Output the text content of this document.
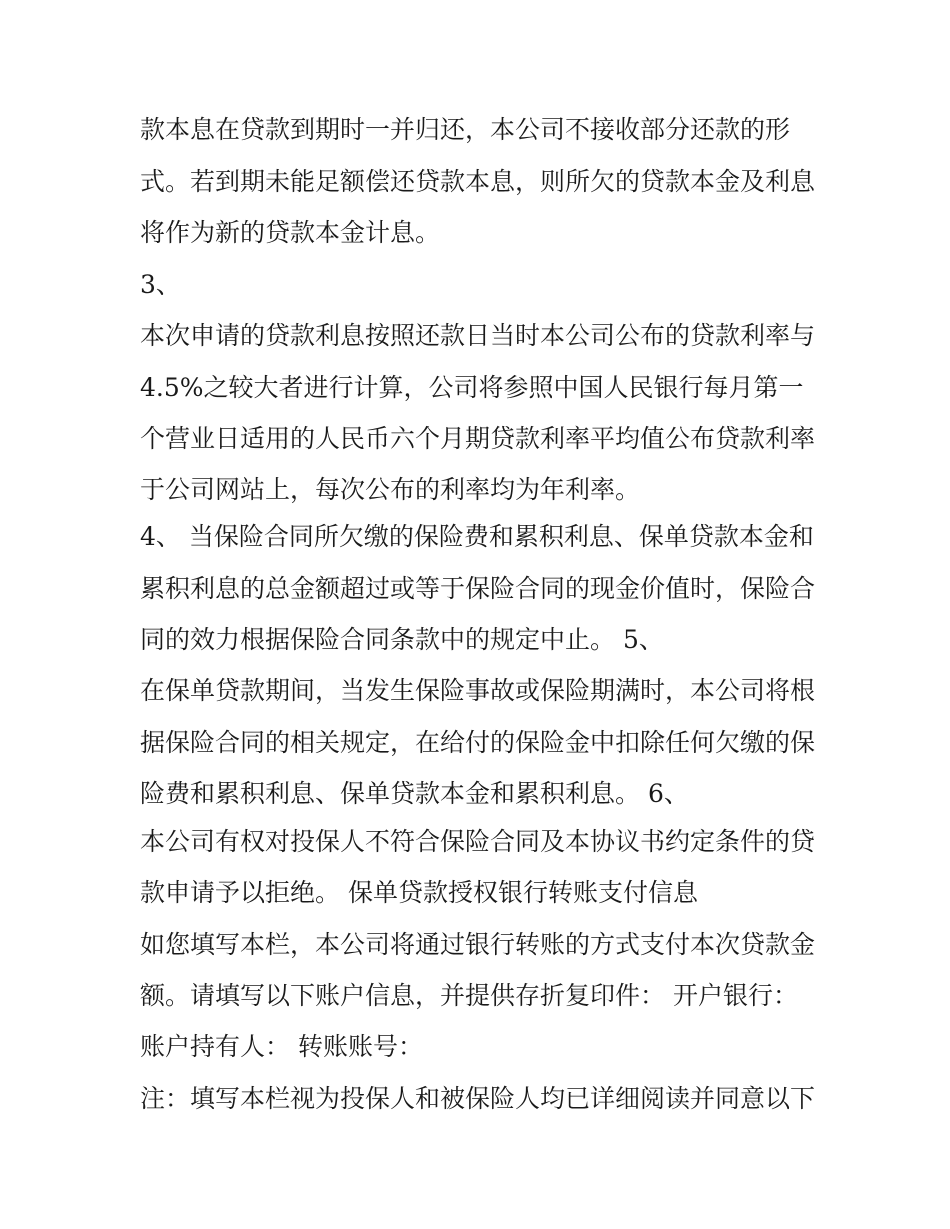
款本息在贷款到期时一并归还，本公司不接收部分还款的形
式。若到期未能足额偿还贷款本息，则所欠的贷款本金及利息
将作为新的贷款本金计息。
3、
本次申请的贷款利息按照还款日当时本公司公布的贷款利率与
4.5%之较大者进行计算，公司将参照中国人民银行每月第一
个营业日适用的人民币六个月期贷款利率平均值公布贷款利率
于公司网站上，每次公布的利率均为年利率。
4、 当保险合同所欠缴的保险费和累积利息、保单贷款本金和
累积利息的总金额超过或等于保险合同的现金价值时，保险合
同的效力根据保险合同条款中的规定中止。 5、
在保单贷款期间，当发生保险事故或保险期满时，本公司将根
据保险合同的相关规定，在给付的保险金中扣除任何欠缴的保
险费和累积利息、保单贷款本金和累积利息。 6、
本公司有权对投保人不符合保险合同及本协议书约定条件的贷
款申请予以拒绝。 保单贷款授权银行转账支付信息
如您填写本栏，本公司将通过银行转账的方式支付本次贷款金
额。请填写以下账户信息，并提供存折复印件： 开户银行：
账户持有人： 转账账号：
注：填写本栏视为投保人和被保险人均已详细阅读并同意以下
